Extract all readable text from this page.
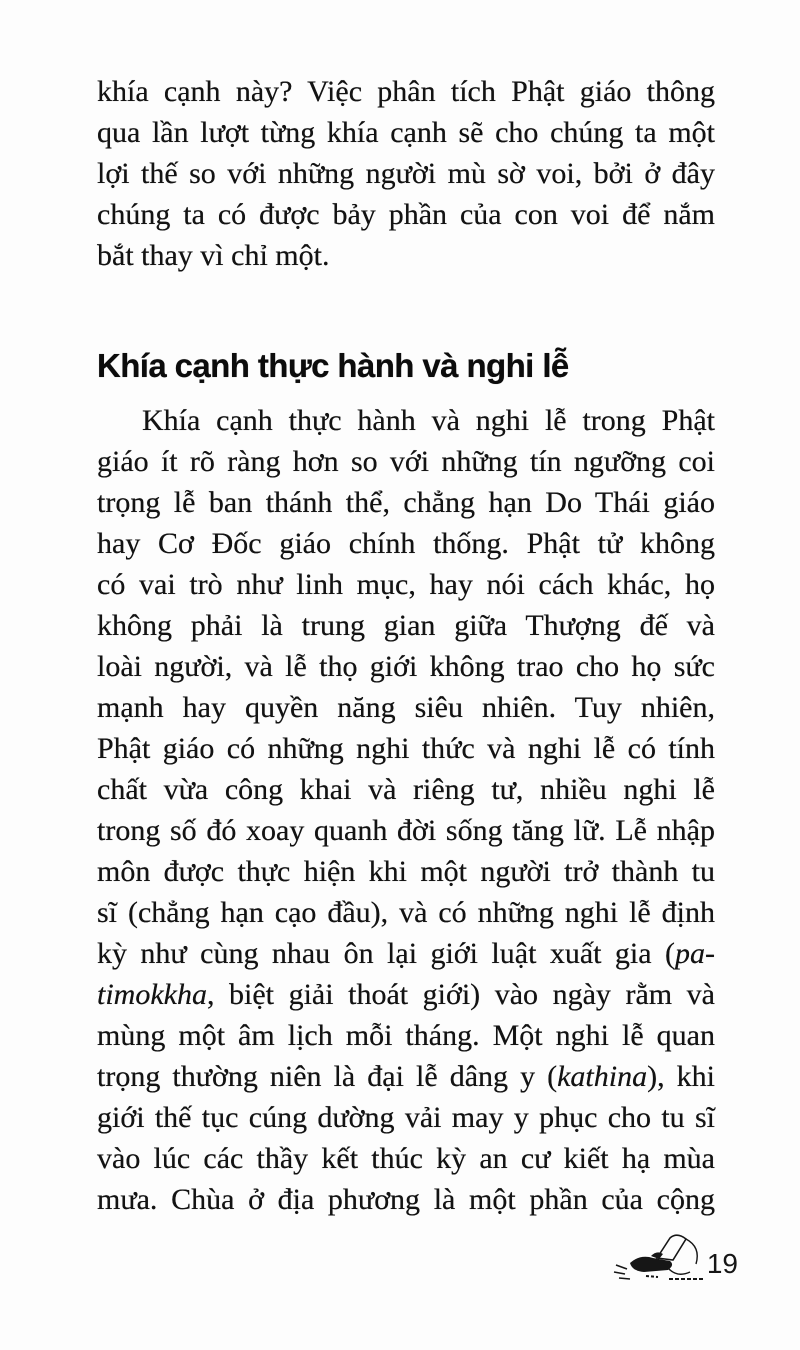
khía cạnh này? Việc phân tích Phật giáo thông
qua lần lượt từng khía cạnh sẽ cho chúng ta một
lợi thế so với những người mù sờ voi, bởi ở đây
chúng ta có được bảy phần của con voi để nắm
bắt thay vì chỉ một.
Khía cạnh thực hành và nghi lễ
Khía cạnh thực hành và nghi lễ trong Phật
giáo ít rõ ràng hơn so với những tín ngưỡng coi
trọng lễ ban thánh thể, chẳng hạn Do Thái giáo
hay Cơ Đốc giáo chính thống. Phật tử không
có vai trò như linh mục, hay nói cách khác, họ
không phải là trung gian giữa Thượng đế và
loài người, và lễ thọ giới không trao cho họ sức
mạnh hay quyền năng siêu nhiên. Tuy nhiên,
Phật giáo có những nghi thức và nghi lễ có tính
chất vừa công khai và riêng tư, nhiều nghi lễ
trong số đó xoay quanh đời sống tăng lữ. Lễ nhập
môn được thực hiện khi một người trở thành tu
sĩ (chẳng hạn cạo đầu), và có những nghi lễ định
kỳ như cùng nhau ôn lại giới luật xuất gia (pa-
timokkha, biệt giải thoát giới) vào ngày rằm và
mùng một âm lịch mỗi tháng. Một nghi lễ quan
trọng thường niên là đại lễ dâng y (kathina), khi
giới thế tục cúng dường vải may y phục cho tu sĩ
vào lúc các thầy kết thúc kỳ an cư kiết hạ mùa
mưa. Chùa ở địa phương là một phần của cộng
19
